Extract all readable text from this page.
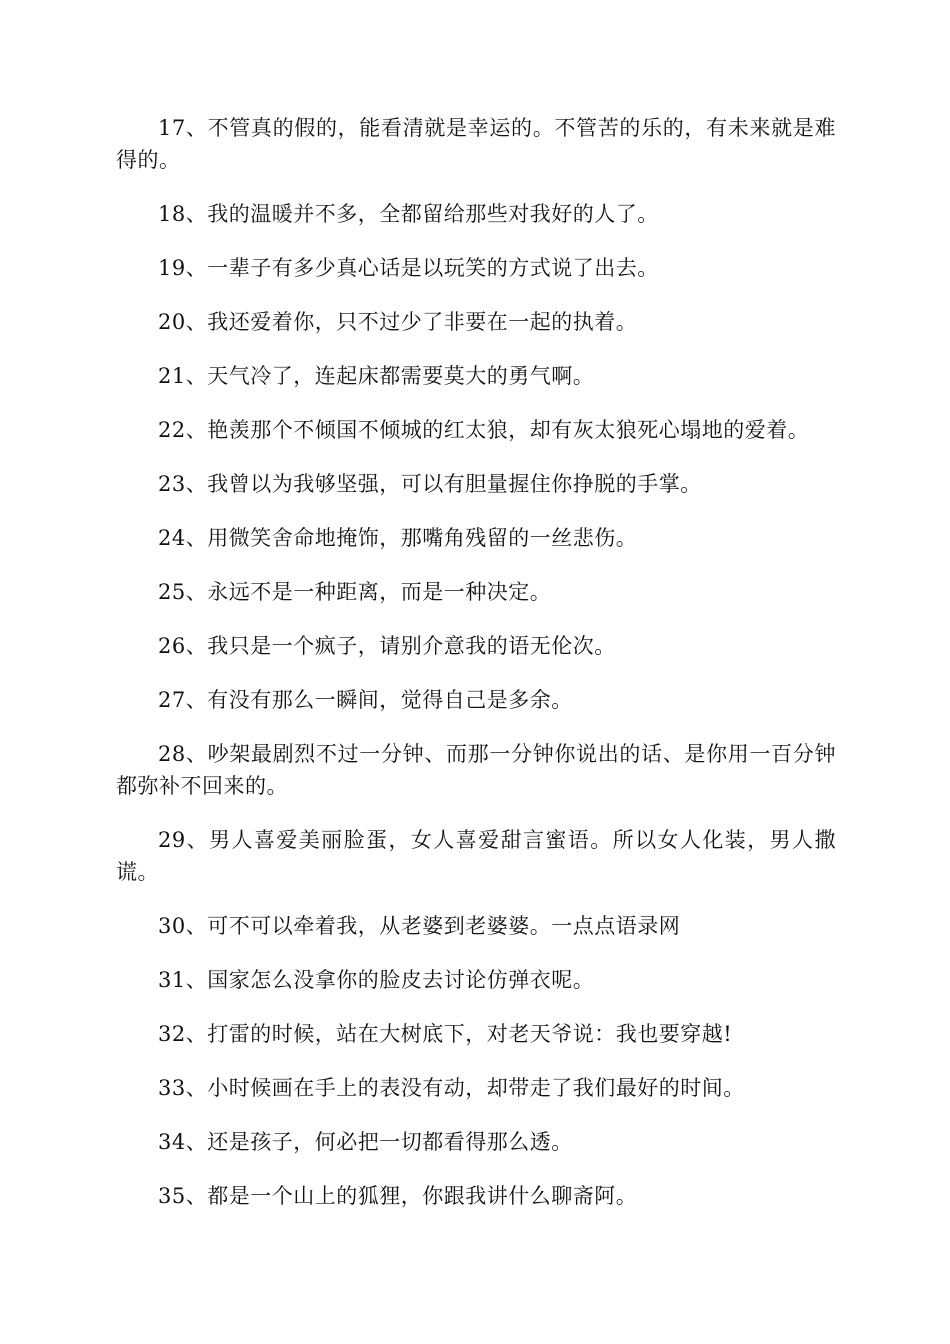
17、不管真的假的，能看清就是幸运的。不管苦的乐的，有未来就是难得的。

18、我的温暖并不多，全都留给那些对我好的人了。

19、一辈子有多少真心话是以玩笑的方式说了出去。

20、我还爱着你，只不过少了非要在一起的执着。

21、天气冷了，连起床都需要莫大的勇气啊。

22、艳羡那个不倾国不倾城的红太狼，却有灰太狼死心塌地的爱着。

23、我曾以为我够坚强，可以有胆量握住你挣脱的手掌。

24、用微笑舍命地掩饰，那嘴角残留的一丝悲伤。

25、永远不是一种距离，而是一种决定。

26、我只是一个疯子，请别介意我的语无伦次。

27、有没有那么一瞬间，觉得自己是多余。

28、吵架最剧烈不过一分钟、而那一分钟你说出的话、是你用一百分钟都弥补不回来的。

29、男人喜爱美丽脸蛋，女人喜爱甜言蜜语。所以女人化装，男人撒谎。

30、可不可以牵着我，从老婆到老婆婆。一点点语录网

31、国家怎么没拿你的脸皮去讨论仿弹衣呢。

32、打雷的时候，站在大树底下，对老天爷说：我也要穿越!

33、小时候画在手上的表没有动，却带走了我们最好的时间。

34、还是孩子，何必把一切都看得那么透。

35、都是一个山上的狐狸，你跟我讲什么聊斋阿。
